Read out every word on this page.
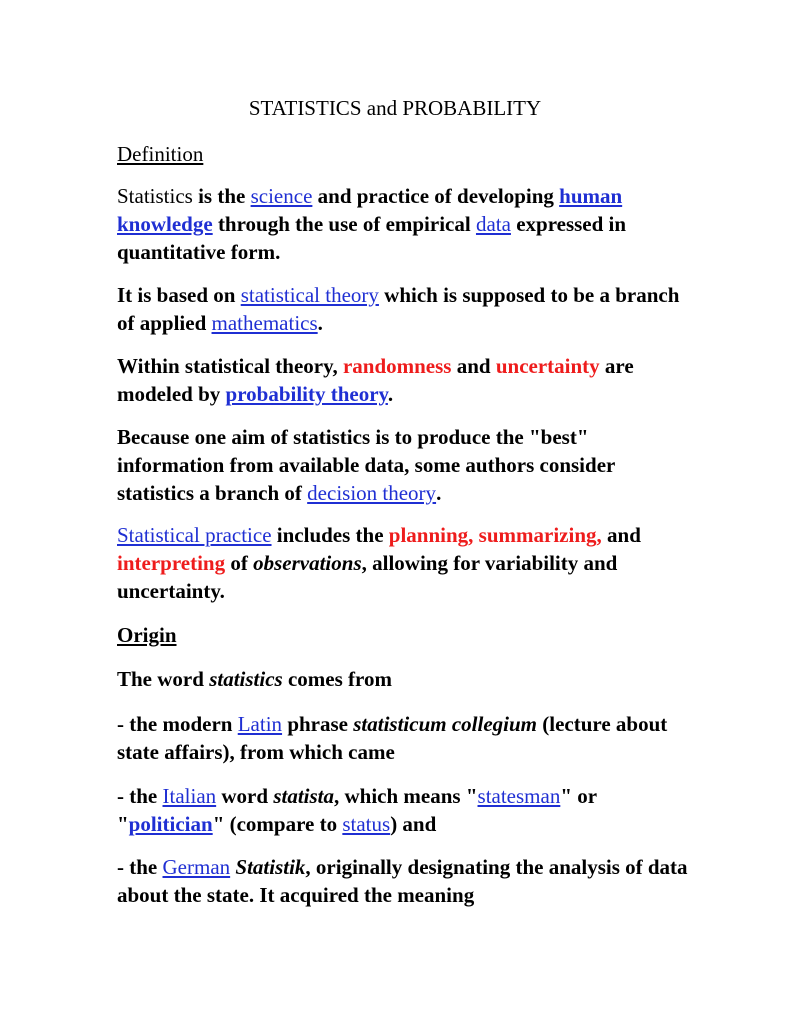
STATISTICS and PROBABILITY
Definition
Statistics is the science and practice of developing human knowledge through the use of empirical data expressed in quantitative form.
It is based on statistical theory which is supposed to be a branch of applied mathematics.
Within statistical theory, randomness and uncertainty are modeled by probability theory.
Because one aim of statistics is to produce the "best" information from available data, some authors consider statistics a branch of decision theory.
Statistical practice includes the planning, summarizing, and interpreting of observations, allowing for variability and uncertainty.
Origin
The word statistics comes from
- the modern Latin phrase statisticum collegium (lecture about state affairs), from which came
- the Italian word statista, which means "statesman" or "politician" (compare to status) and
- the German Statistik, originally designating the analysis of data about the state. It acquired the meaning
